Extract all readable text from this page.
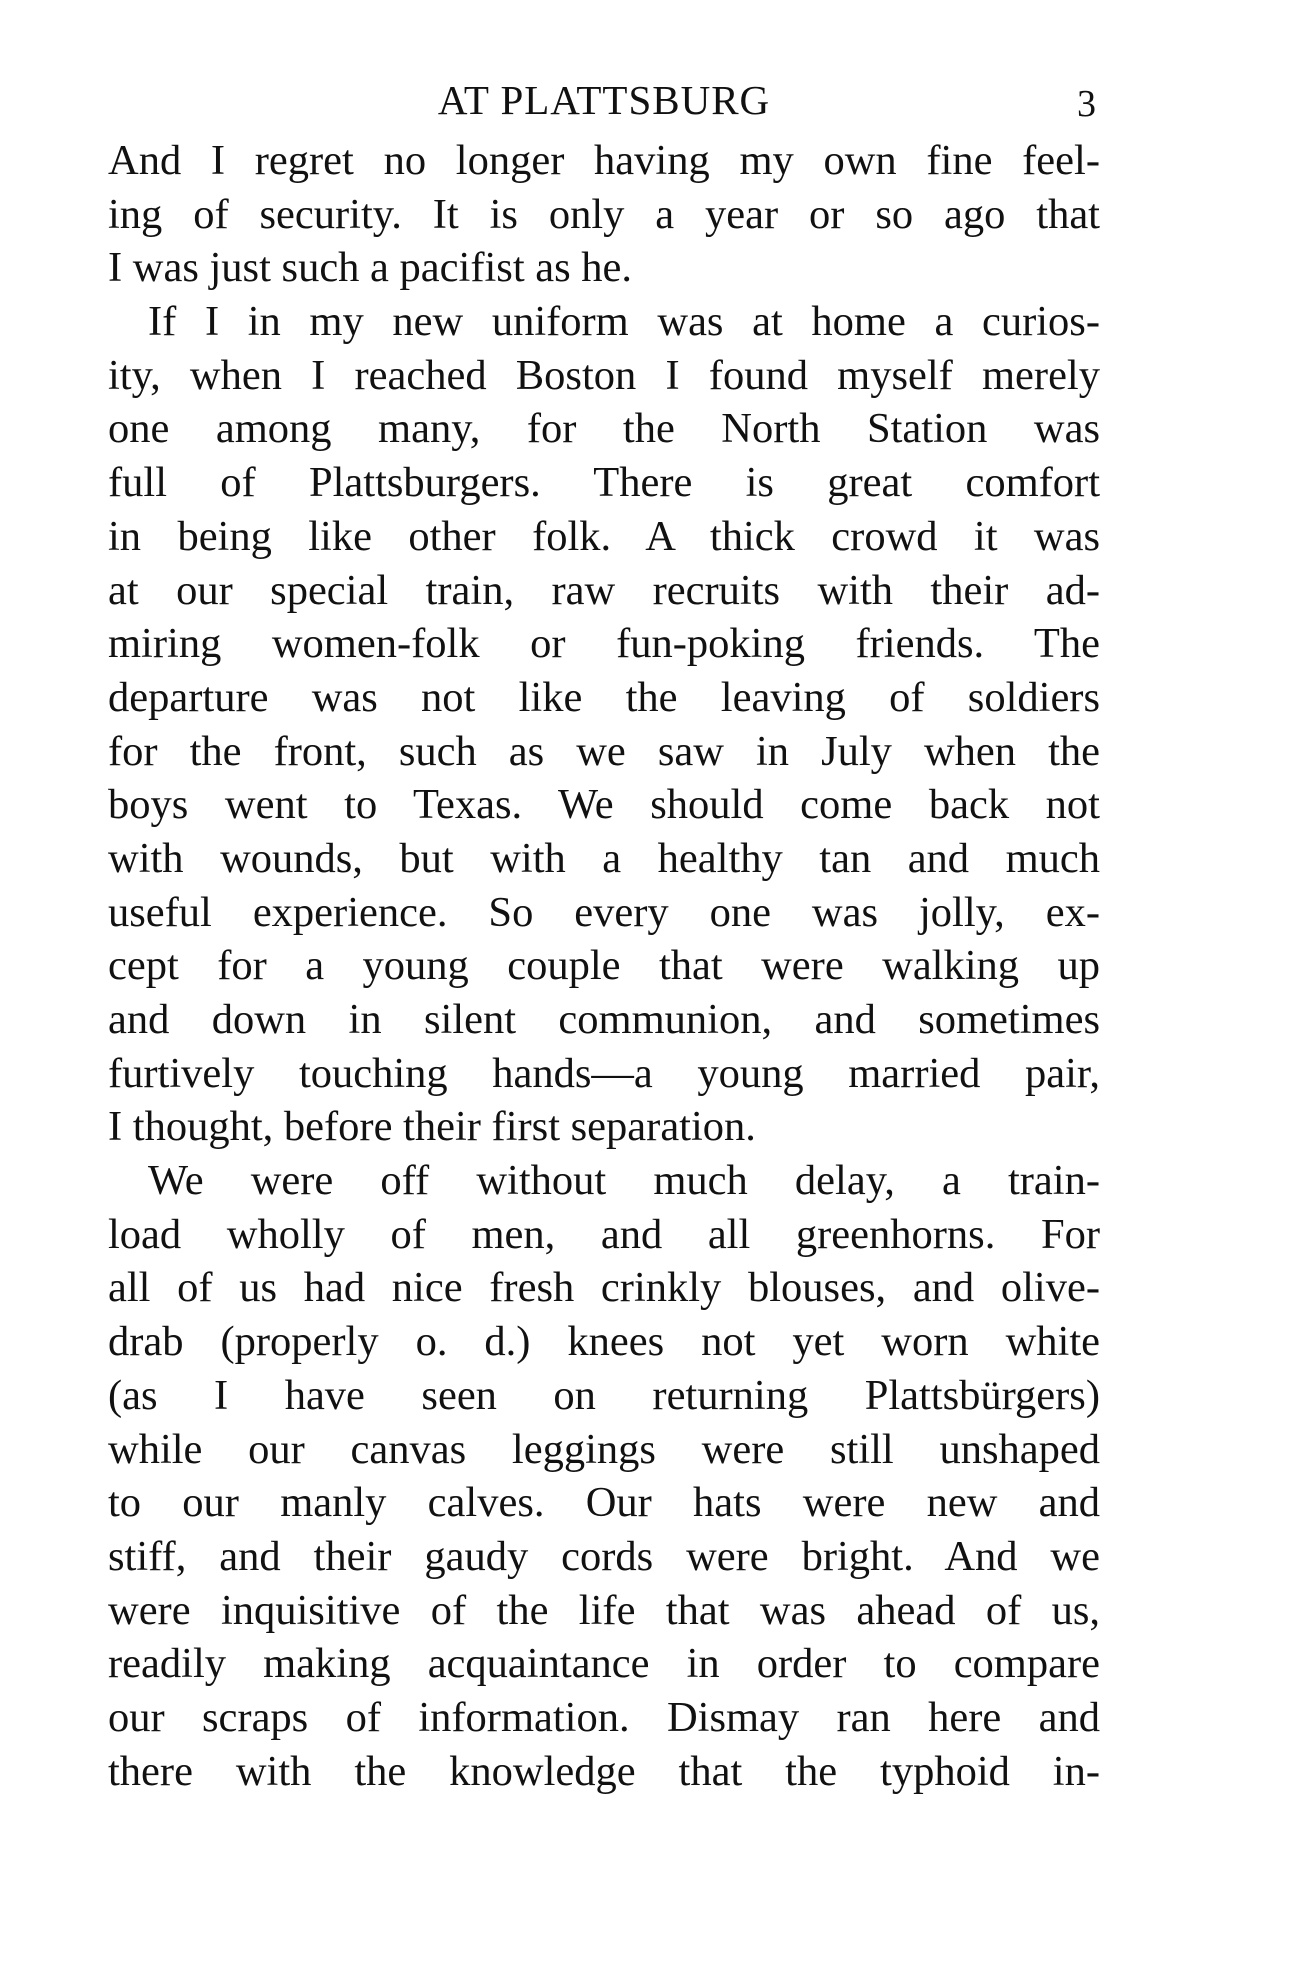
AT PLATTSBURG	3
And I regret no longer having my own fine feel-
ing of security. It is only a year or so ago that
I was just such a pacifist as he.
If I in my new uniform was at home a curios-
ity, when I reached Boston I found myself merely
one among many, for the North Station was
full of Plattsburgers. There is great comfort
in being like other folk. A thick crowd it was
at our special train, raw recruits with their ad-
miring women-folk or fun-poking friends. The
departure was not like the leaving of soldiers
for the front, such as we saw in July when the
boys went to Texas. We should come back not
with wounds, but with a healthy tan and much
useful experience. So every one was jolly, ex-
cept for a young couple that were walking up
and down in silent communion, and sometimes
furtively touching hands—a young married pair,
I thought, before their first separation.
We were off without much delay, a train-
load wholly of men, and all greenhorns. For
all of us had nice fresh crinkly blouses, and olive-
drab (properly o. d.) knees not yet worn white
(as I have seen on returning Plattsbürgers)
while our canvas leggings were still unshaped
to our manly calves. Our hats were new and
stiff, and their gaudy cords were bright. And we
were inquisitive of the life that was ahead of us,
readily making acquaintance in order to compare
our scraps of information. Dismay ran here and
there with the knowledge that the typhoid in-
